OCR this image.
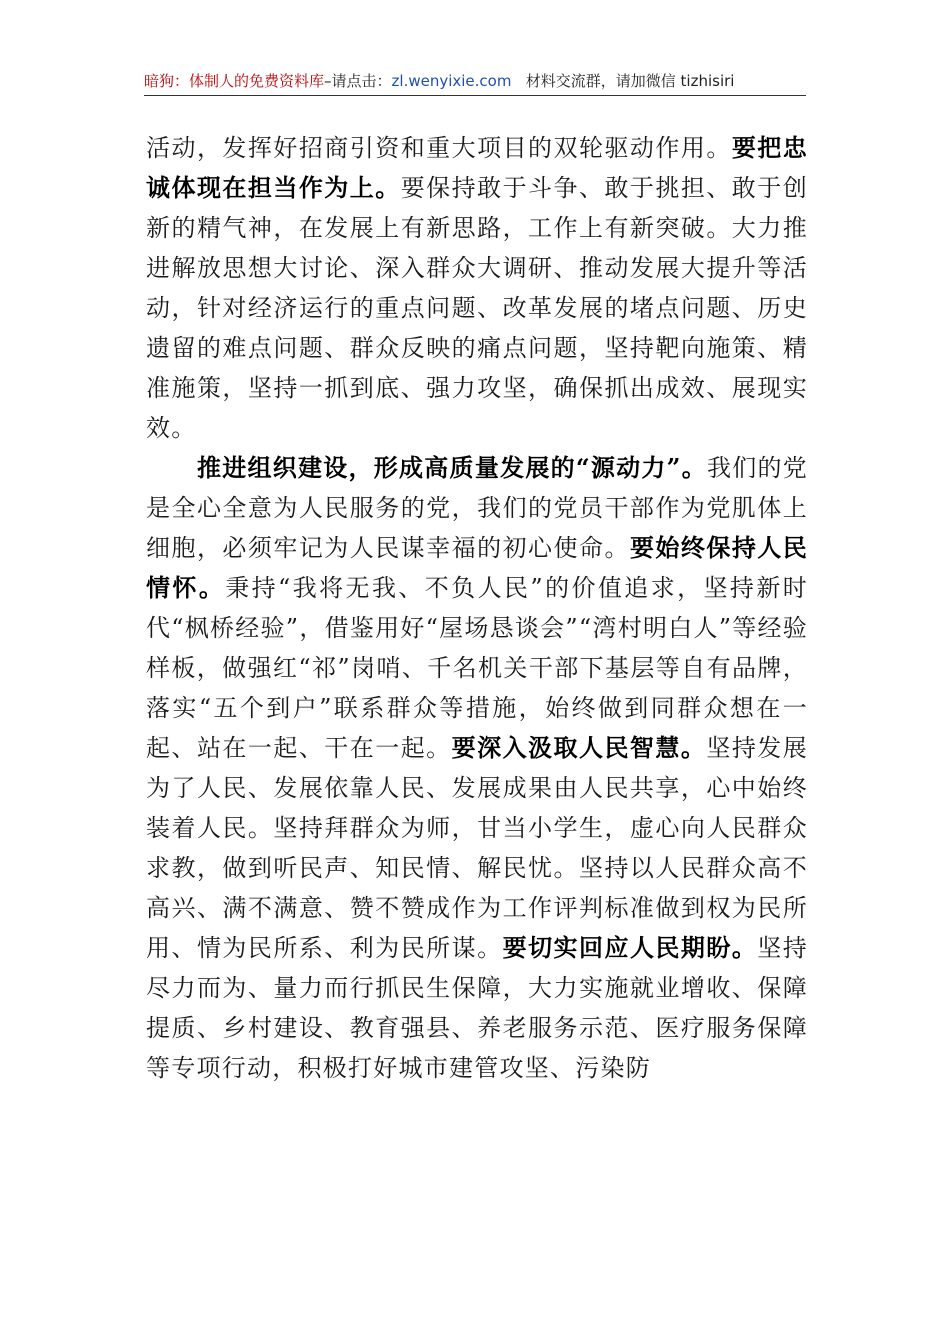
暗狗：体制人的免费资料库–请点击：zl.wenyixie.com 材料交流群，请加微信 tizhisiri

活动，发挥好招商引资和重大项目的双轮驱动作用。要把忠诚体现在担当作为上。要保持敢于斗争、敢于挑担、敢于创新的精气神，在发展上有新思路，工作上有新突破。大力推进解放思想大讨论、深入群众大调研、推动发展大提升等活动，针对经济运行的重点问题、改革发展的堵点问题、历史遗留的难点问题、群众反映的痛点问题，坚持靶向施策、精准施策，坚持一抓到底、强力攻坚，确保抓出成效、展现实效。

推进组织建设，形成高质量发展的“源动力”。我们的党是全心全意为人民服务的党，我们的党员干部作为党肌体上细胞，必须牢记为人民谋幸福的初心使命。要始终保持人民情怀。秉持“我将无我、不负人民”的价值追求，坚持新时代“枫桥经验”，借鉴用好“屋场恳谈会”“湾村明白人”等经验样板，做强红“祁”岗哨、千名机关干部下基层等自有品牌，落实“五个到户”联系群众等措施，始终做到同群众想在一起、站在一起、干在一起。要深入汲取人民智慧。坚持发展为了人民、发展依靠人民、发展成果由人民共享，心中始终装着人民。坚持拜群众为师，甘当小学生，虚心向人民群众求教，做到听民声、知民情、解民忧。坚持以人民群众高不高兴、满不满意、赞不赞成作为工作评判标准做到权为民所用、情为民所系、利为民所谋。要切实回应人民期盼。坚持尽力而为、量力而行抓民生保障，大力实施就业增收、保障提质、乡村建设、教育强县、养老服务示范、医疗服务保障等专项行动，积极打好城市建管攻坚、污染防
